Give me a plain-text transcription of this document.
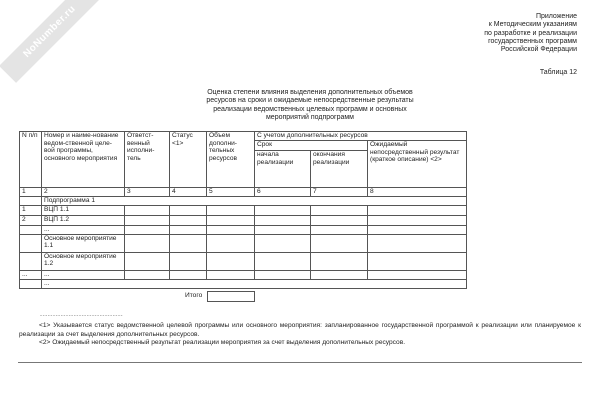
NoNumber.ru	Приложение
к Методическим указаниям
по разработке и реализации
государственных программ
Российской Федерации
Таблица 12
Оценка степени влияния выделения дополнительных объемов
ресурсов на сроки и ожидаемые непосредственные результаты
реализации ведомственных целевых программ и основных
мероприятий подпрограмм
N п/п	Номер и наиме-нование ведом-ственной целе-вой программы, основного мероприятия	Ответст-венный исполни-тель	Статус <1>	Объем дополни-тельных ресурсов	С учетом дополнительных ресурсов		
					Срок		Ожидаемый непосредственный результат (краткое описание) <2>
					начала реализации	окончания реализации	
1	2	3	4	5	6	7	8
	Подпрограмма 1						
1	ВЦП 1.1						
2	ВЦП 1.2						
	...						
	Основное мероприятие 1.1						
	Основное мероприятие 1.2						
...	...						
	...						
Итого
--------------------------------

<1> Указывается статус ведомственной целевой программы или основного мероприятия: запланированное государственной программой к реализации или планируемое к реализации за счет выделения дополнительных ресурсов.

<2> Ожидаемый непосредственный результат реализации мероприятия за счет выделения дополнительных ресурсов.
